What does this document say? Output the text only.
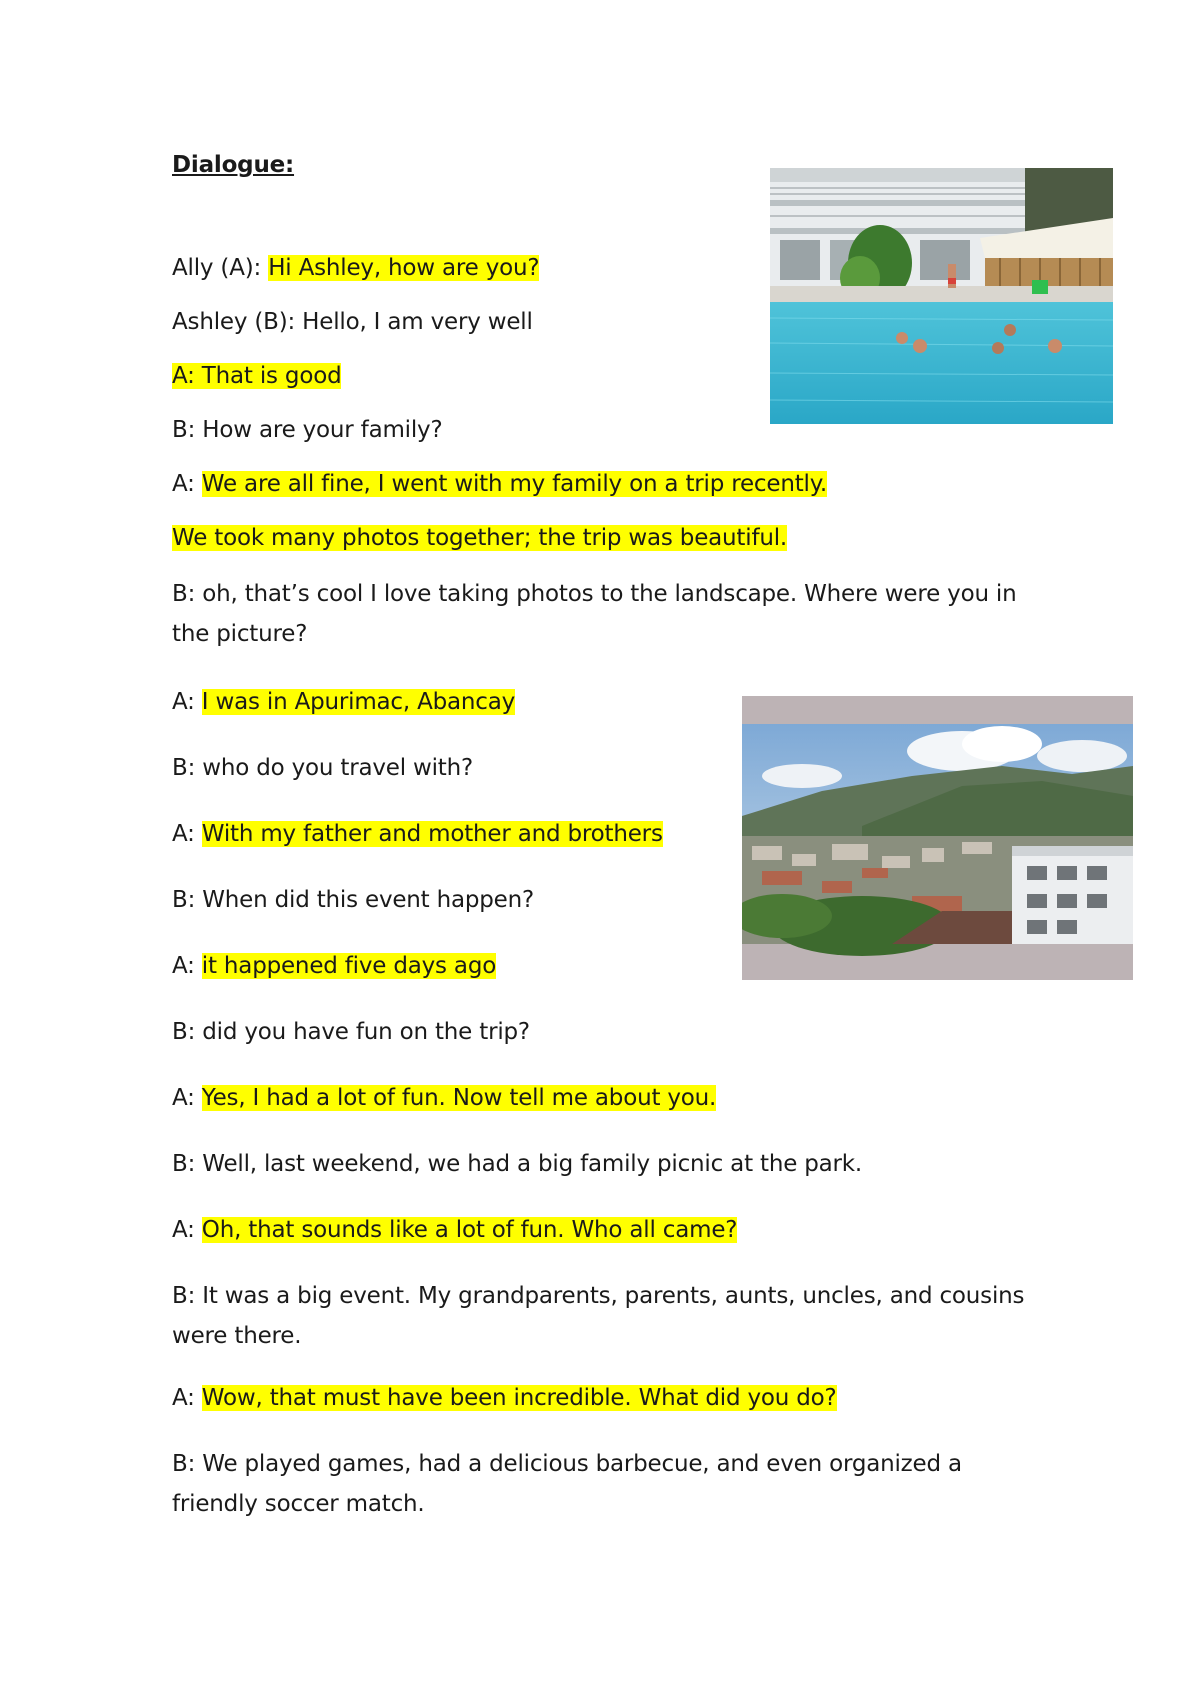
Dialogue:
Ally (A): Hi Ashley, how are you?
Ashley (B): Hello, I am very well
A: That is good
B: How are your family?
A: We are all fine, I went with my family on a trip recently.
We took many photos together; the trip was beautiful.
B: oh, that’s cool I love taking photos to the landscape. Where were you in the picture?
A: I was in Apurimac, Abancay
B: who do you travel with?
A: With my father and mother and brothers
B: When did this event happen?
A: it happened five days ago
B: did you have fun on the trip?
A: Yes, I had a lot of fun. Now tell me about you.
B: Well, last weekend, we had a big family picnic at the park.
A: Oh, that sounds like a lot of fun. Who all came?
B: It was a big event. My grandparents, parents, aunts, uncles, and cousins were there.
A: Wow, that must have been incredible. What did you do?
B: We played games, had a delicious barbecue, and even organized a friendly soccer match.
